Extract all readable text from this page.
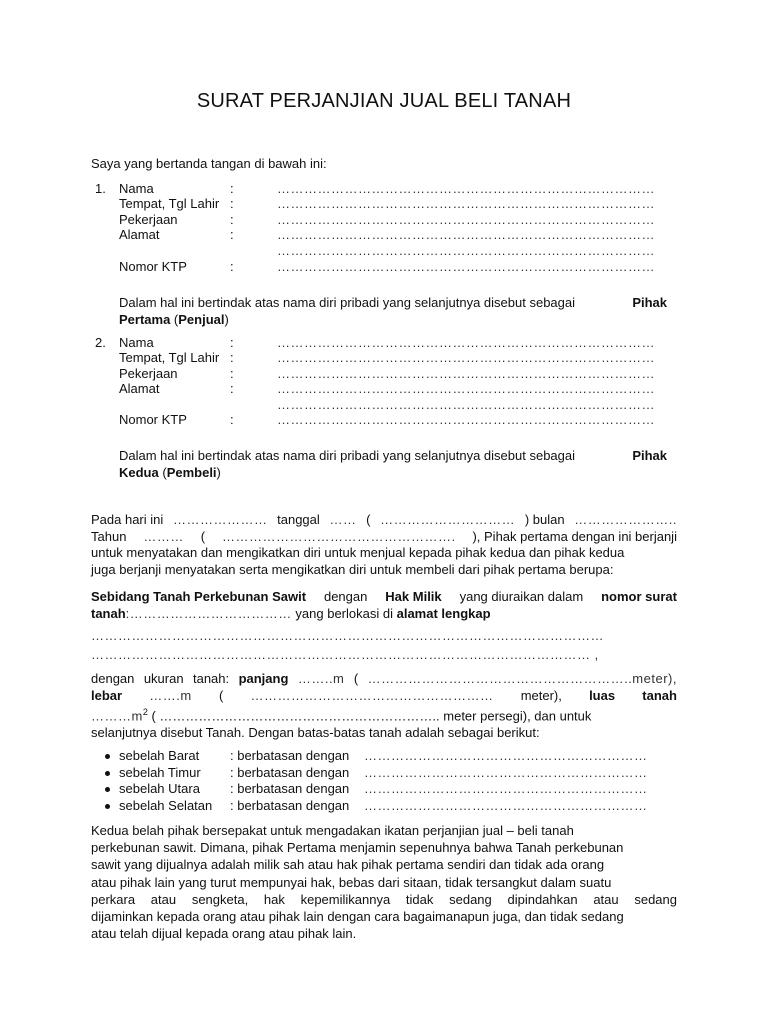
SURAT PERJANJIAN JUAL BELI TANAH
Saya yang bertanda tangan di bawah ini:
1. Nama	:	…………………………………………………………………………
Tempat, Tgl Lahir :	…………………………………………………………………………
Pekerjaan	:	…………………………………………………………………………
Alamat	:	…………………………………………………………………………
…………………………………………………………………………
Nomor KTP	:	…………………………………………………………………………
Dalam hal ini bertindak atas nama diri pribadi yang selanjutnya disebut sebagai	Pihak
Pertama (Penjual)
2. Nama	:	…………………………………………………………………………
Tempat, Tgl Lahir :	…………………………………………………………………………
Pekerjaan	:	…………………………………………………………………………
Alamat	:	…………………………………………………………………………
…………………………………………………………………………
Nomor KTP	:	…………………………………………………………………………
Dalam hal ini bertindak atas nama diri pribadi yang selanjutnya disebut sebagai	Pihak
Kedua (Pembeli)
Pada hari ini ………………… tanggal …… ( ………………………… ) bulan …………………..
Tahun ……… ( ……………………………………………. ), Pihak pertama dengan ini berjanji
untuk menyatakan dan mengikatkan diri untuk menjual kepada pihak kedua dan pihak kedua
juga berjanji menyatakan serta mengikatkan diri untuk membeli dari pihak pertama berupa:
Sebidang Tanah Perkebunan Sawit dengan Hak Milik yang diuraikan dalam nomor surat
tanah:……………………………… yang berlokasi di alamat lengkap
……………………………………………………………………………………………………
………………………………………………………………………………………………… ,
dengan ukuran tanah: panjang ……..m ( …………………………………………………..meter),
lebar …….m ( ……………………………………………… meter), luas tanah
$\dots\dots\dots m^2$ ( ……………………………………………………….. meter persegi), dan untuk
selanjutnya disebut Tanah. Dengan batas-batas tanah adalah sebagai berikut:
sebelah Barat : berbatasan dengan ………………………………………………………
sebelah Timur : berbatasan dengan ………………………………………………………
sebelah Utara : berbatasan dengan ………………………………………………………
sebelah Selatan : berbatasan dengan ………………………………………………………
Kedua belah pihak bersepakat untuk mengadakan ikatan perjanjian jual – beli tanah
perkebunan sawit. Dimana, pihak Pertama menjamin sepenuhnya bahwa Tanah perkebunan
sawit yang dijualnya adalah milik sah atau hak pihak pertama sendiri dan tidak ada orang
atau pihak lain yang turut mempunyai hak, bebas dari sitaan, tidak tersangkut dalam suatu
perkara atau sengketa, hak kepemilikannya tidak sedang dipindahkan atau sedang
dijaminkan kepada orang atau pihak lain dengan cara bagaimanapun juga, dan tidak sedang
atau telah dijual kepada orang atau pihak lain.
